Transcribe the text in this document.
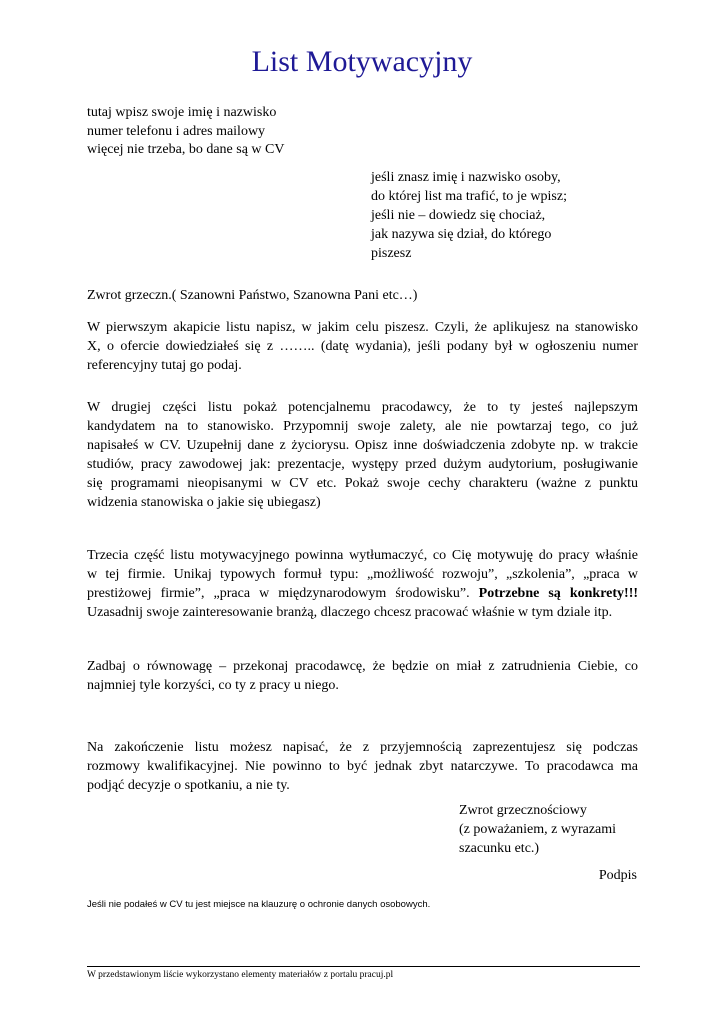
List Motywacyjny
tutaj wpisz swoje imię i nazwisko
numer telefonu i adres mailowy
więcej nie trzeba, bo dane są w CV
jeśli znasz imię i nazwisko osoby,
do której list ma trafić, to je wpisz;
jeśli nie – dowiedz się chociaż,
jak nazywa się dział, do którego
piszesz
Zwrot grzeczn.( Szanowni Państwo, Szanowna Pani etc…)
W pierwszym akapicie listu napisz, w jakim celu piszesz. Czyli, że aplikujesz na stanowisko
X, o ofercie dowiedziałeś się z …….. (datę wydania), jeśli podany był w ogłoszeniu numer
referencyjny tutaj go podaj.
W drugiej części listu pokaż potencjalnemu pracodawcy, że to ty jesteś najlepszym
kandydatem na to stanowisko. Przypomnij swoje zalety, ale nie powtarzaj tego, co już
napisałeś w CV. Uzupełnij dane z życiorysu. Opisz inne doświadczenia zdobyte np. w trakcie
studiów, pracy zawodowej jak: prezentacje, występy przed dużym audytorium, posługiwanie
się programami nieopisanymi w CV etc. Pokaż swoje cechy charakteru (ważne z punktu
widzenia stanowiska o jakie się ubiegasz)
Trzecia część listu motywacyjnego powinna wytłumaczyć, co Cię motywuję do pracy właśnie
w tej firmie. Unikaj typowych formuł typu: „możliwość rozwoju”, „szkolenia”, „praca w
prestiżowej firmie”, „praca w międzynarodowym środowisku”. Potrzebne są konkrety!!!
Uzasadnij swoje zainteresowanie branżą, dlaczego chcesz pracować właśnie w tym dziale itp.
Zadbaj o równowagę – przekonaj pracodawcę, że będzie on miał z zatrudnienia Ciebie, co
najmniej tyle korzyści, co ty z pracy u niego.
Na zakończenie listu możesz napisać, że z przyjemnością zaprezentujesz się podczas
rozmowy kwalifikacyjnej. Nie powinno to być jednak zbyt natarczywe. To pracodawca ma
podjąć decyzje o spotkaniu, a nie ty.
Zwrot grzecznościowy
(z poważaniem, z wyrazami
szacunku etc.)
Podpis
Jeśli nie podałeś w CV tu jest miejsce na klauzurę o ochronie danych osobowych.
W przedstawionym liście wykorzystano elementy materiałów z portalu pracuj.pl
